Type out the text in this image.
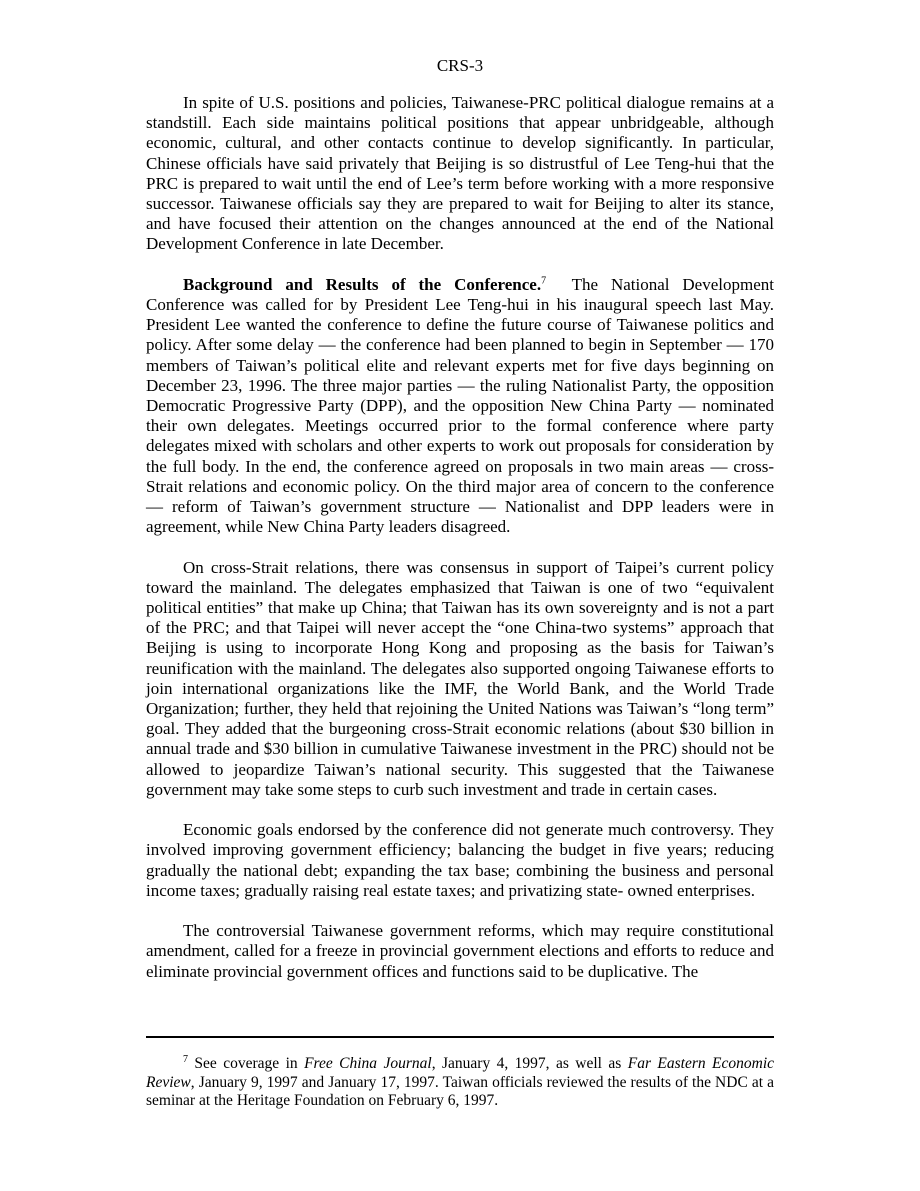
CRS-3

In spite of U.S. positions and policies, Taiwanese-PRC political dialogue remains at a standstill. Each side maintains political positions that appear unbridgeable, although economic, cultural, and other contacts continue to develop significantly. In particular, Chinese officials have said privately that Beijing is so distrustful of Lee Teng-hui that the PRC is prepared to wait until the end of Lee’s term before working with a more responsive successor. Taiwanese officials say they are prepared to wait for Beijing to alter its stance, and have focused their attention on the changes announced at the end of the National Development Conference in late December.

Background and Results of the Conference.$^7$ The National Development Conference was called for by President Lee Teng-hui in his inaugural speech last May. President Lee wanted the conference to define the future course of Taiwanese politics and policy. After some delay — the conference had been planned to begin in September — 170 members of Taiwan’s political elite and relevant experts met for five days beginning on December 23, 1996. The three major parties — the ruling Nationalist Party, the opposition Democratic Progressive Party (DPP), and the opposition New China Party — nominated their own delegates. Meetings occurred prior to the formal conference where party delegates mixed with scholars and other experts to work out proposals for consideration by the full body. In the end, the conference agreed on proposals in two main areas — cross-Strait relations and economic policy. On the third major area of concern to the conference — reform of Taiwan’s government structure — Nationalist and DPP leaders were in agreement, while New China Party leaders disagreed.

On cross-Strait relations, there was consensus in support of Taipei’s current policy toward the mainland. The delegates emphasized that Taiwan is one of two “equivalent political entities” that make up China; that Taiwan has its own sovereignty and is not a part of the PRC; and that Taipei will never accept the “one China-two systems” approach that Beijing is using to incorporate Hong Kong and proposing as the basis for Taiwan’s reunification with the mainland. The delegates also supported ongoing Taiwanese efforts to join international organizations like the IMF, the World Bank, and the World Trade Organization; further, they held that rejoining the United Nations was Taiwan’s “long term” goal. They added that the burgeoning cross-Strait economic relations (about $30 billion in annual trade and $30 billion in cumulative Taiwanese investment in the PRC) should not be allowed to jeopardize Taiwan’s national security. This suggested that the Taiwanese government may take some steps to curb such investment and trade in certain cases.

Economic goals endorsed by the conference did not generate much controversy. They involved improving government efficiency; balancing the budget in five years; reducing gradually the national debt; expanding the tax base; combining the business and personal income taxes; gradually raising real estate taxes; and privatizing state- owned enterprises.

The controversial Taiwanese government reforms, which may require constitutional amendment, called for a freeze in provincial government elections and efforts to reduce and eliminate provincial government offices and functions said to be duplicative. The

$^7$ See coverage in Free China Journal, January 4, 1997, as well as Far Eastern Economic Review, January 9, 1997 and January 17, 1997. Taiwan officials reviewed the results of the NDC at a seminar at the Heritage Foundation on February 6, 1997.
